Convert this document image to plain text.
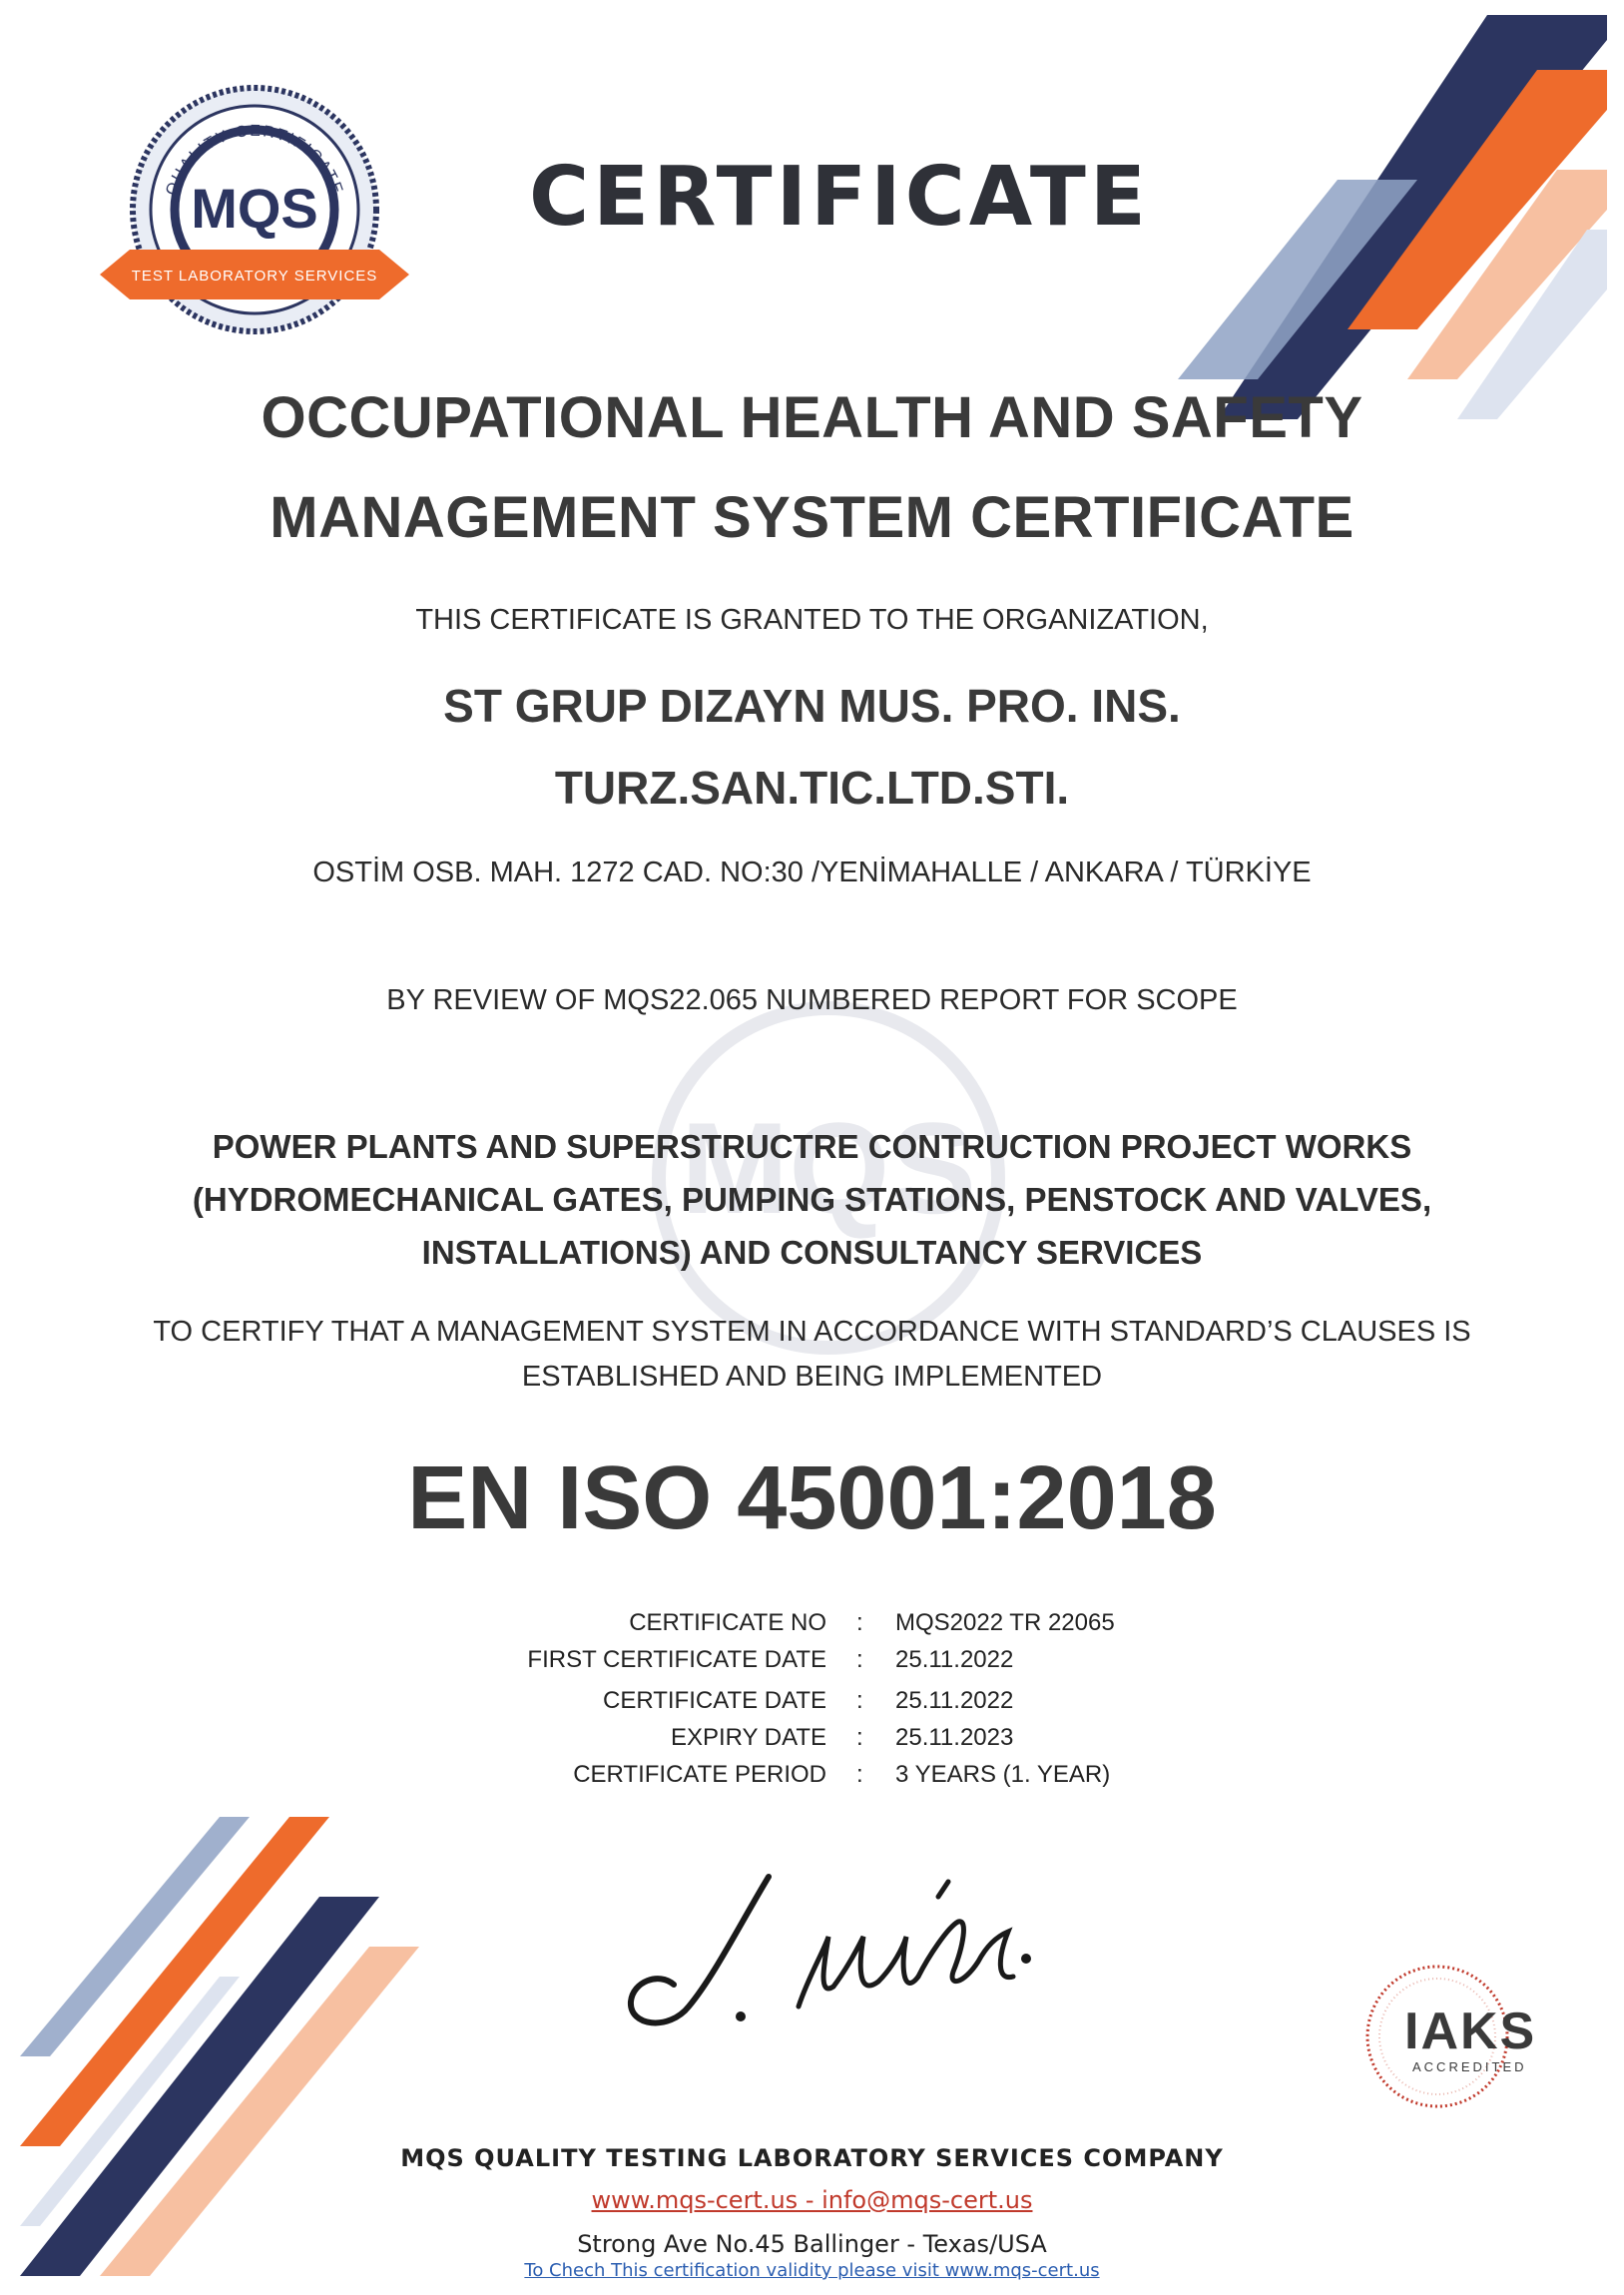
MQS
QUALITY CERTIFICATE
MQS
TEST LABORATORY SERVICES
CERTIFICATE
OCCUPATIONAL HEALTH AND SAFETY
MANAGEMENT SYSTEM CERTIFICATE
THIS CERTIFICATE IS GRANTED TO THE ORGANIZATION,
ST GRUP DIZAYN MUS. PRO. INS.
TURZ.SAN.TIC.LTD.STI.
OSTİM OSB. MAH. 1272 CAD. NO:30 /YENİMAHALLE / ANKARA / TÜRKİYE
BY REVIEW OF MQS22.065 NUMBERED REPORT FOR SCOPE
POWER PLANTS AND SUPERSTRUCTRE CONTRUCTION PROJECT WORKS
(HYDROMECHANICAL GATES, PUMPING STATIONS, PENSTOCK AND VALVES,
INSTALLATIONS) AND CONSULTANCY SERVICES
TO CERTIFY THAT A MANAGEMENT SYSTEM IN ACCORDANCE WITH STANDARD’S CLAUSES IS
ESTABLISHED AND BEING IMPLEMENTED
EN ISO 45001:2018
CERTIFICATE NO : MQS2022 TR 22065
FIRST CERTIFICATE DATE : 25.11.2022
CERTIFICATE DATE : 25.11.2022
EXPIRY DATE : 25.11.2023
CERTIFICATE PERIOD : 3 YEARS (1. YEAR)
IAKS
ACCREDITED
MQS QUALITY TESTING LABORATORY SERVICES COMPANY
www.mqs-cert.us - info@mqs-cert.us
Strong Ave No.45 Ballinger - Texas/USA
To Chech This certification validity please visit www.mqs-cert.us
